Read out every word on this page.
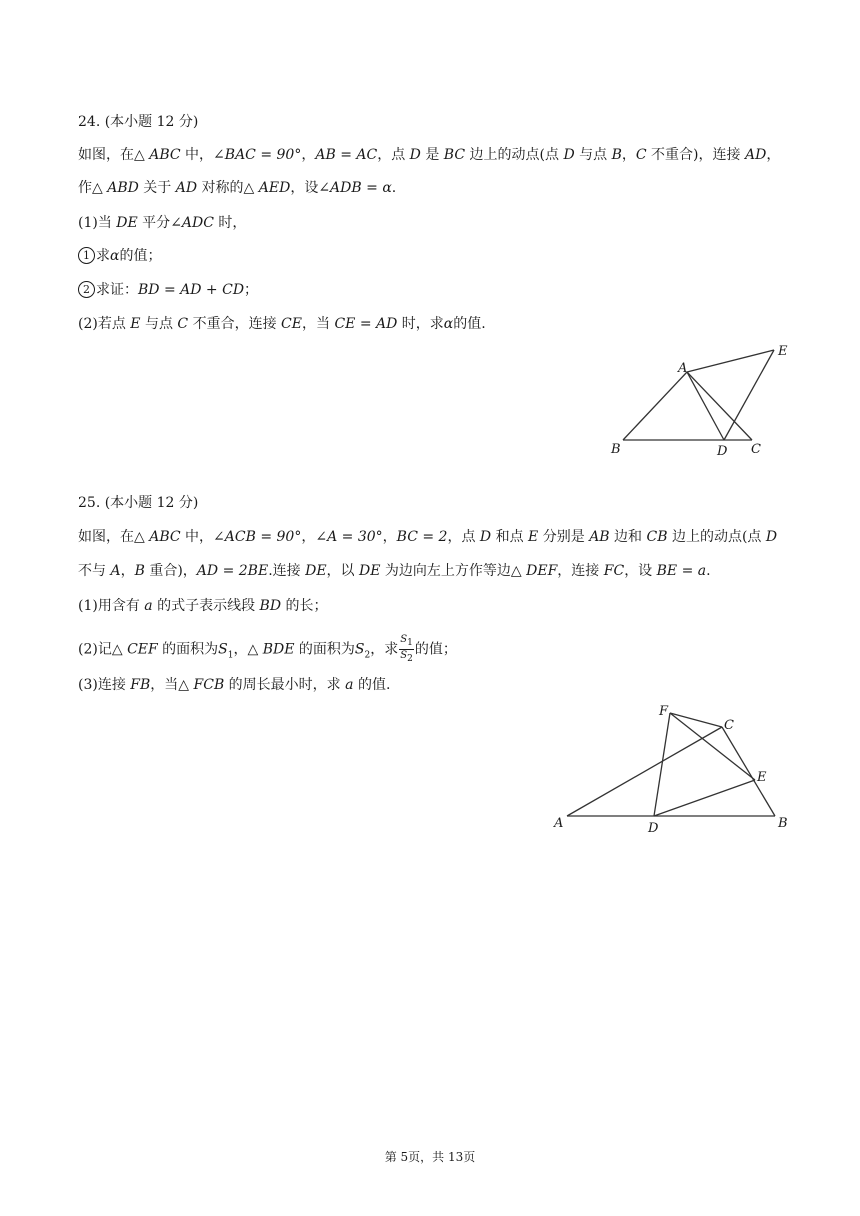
24. (本小题 12 分)
如图，在△ ABC 中，∠BAC = 90°，AB = AC，点 D 是 BC 边上的动点(点 D 与点 B，C 不重合)，连接 AD，
作△ ABD 关于 AD 对称的△ AED，设∠ADB = α.
(1)当 DE 平分∠ADC 时，
1 求α的值；
2 求证：BD = AD + CD；
(2)若点 E 与点 C 不重合，连接 CE，当 CE = AD 时，求α的值.
A
B	C
D
E
F
C
E
A	D	B
25. (本小题 12 分)
如图，在△ ABC 中，∠ACB = 90°，∠A = 30°，BC = 2，点 D 和点 E 分别是 AB 边和 CB 边上的动点(点 D
不与 A，B 重合)，AD = 2BE.连接 DE，以 DE 为边向左上方作等边△ DEF，连接 FC，设 BE = a.
(1)用含有 a 的式子表示线段 BD 的长；
(2)记△ CEF 的面积为$S_1$，△ BDE 的面积为$S_2$，求 $\frac{S_1}{S_2}$ 的值；
(3)连接 FB，当△ FCB 的周长最小时，求 a 的值.
第 5页，共 13页
